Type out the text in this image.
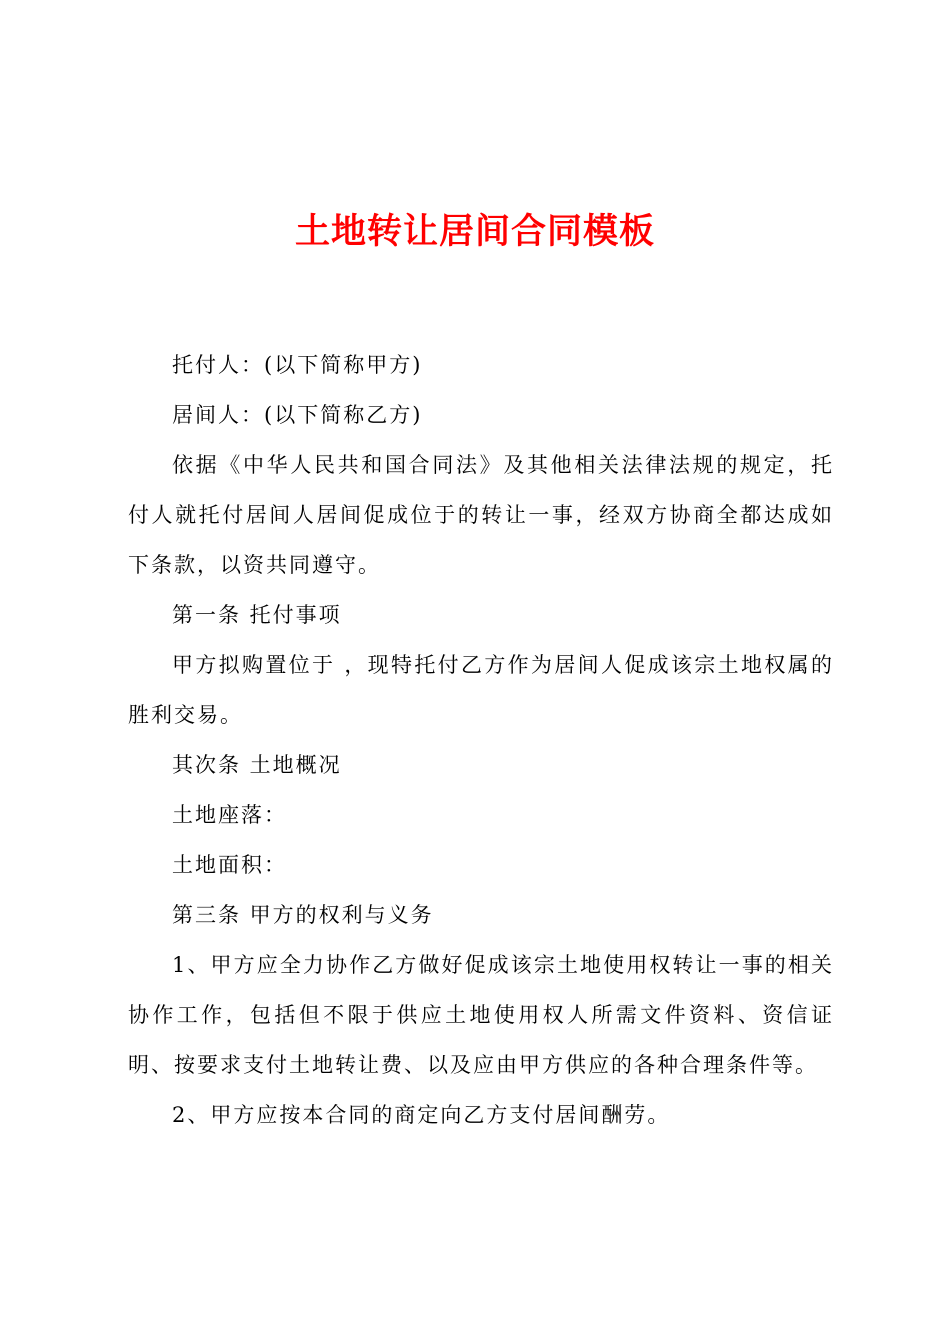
土地转让居间合同模板

托付人：(以下简称甲方)

居间人：(以下简称乙方)

依据《中华人民共和国合同法》及其他相关法律法规的规定，托付人就托付居间人居间促成位于的转让一事，经双方协商全都达成如下条款，以资共同遵守。

第一条 托付事项

甲方拟购置位于 ，现特托付乙方作为居间人促成该宗土地权属的胜利交易。

其次条 土地概况

土地座落：

土地面积：

第三条 甲方的权利与义务

1、甲方应全力协作乙方做好促成该宗土地使用权转让一事的相关协作工作，包括但不限于供应土地使用权人所需文件资料、资信证明、按要求支付土地转让费、以及应由甲方供应的各种合理条件等。

2、甲方应按本合同的商定向乙方支付居间酬劳。
